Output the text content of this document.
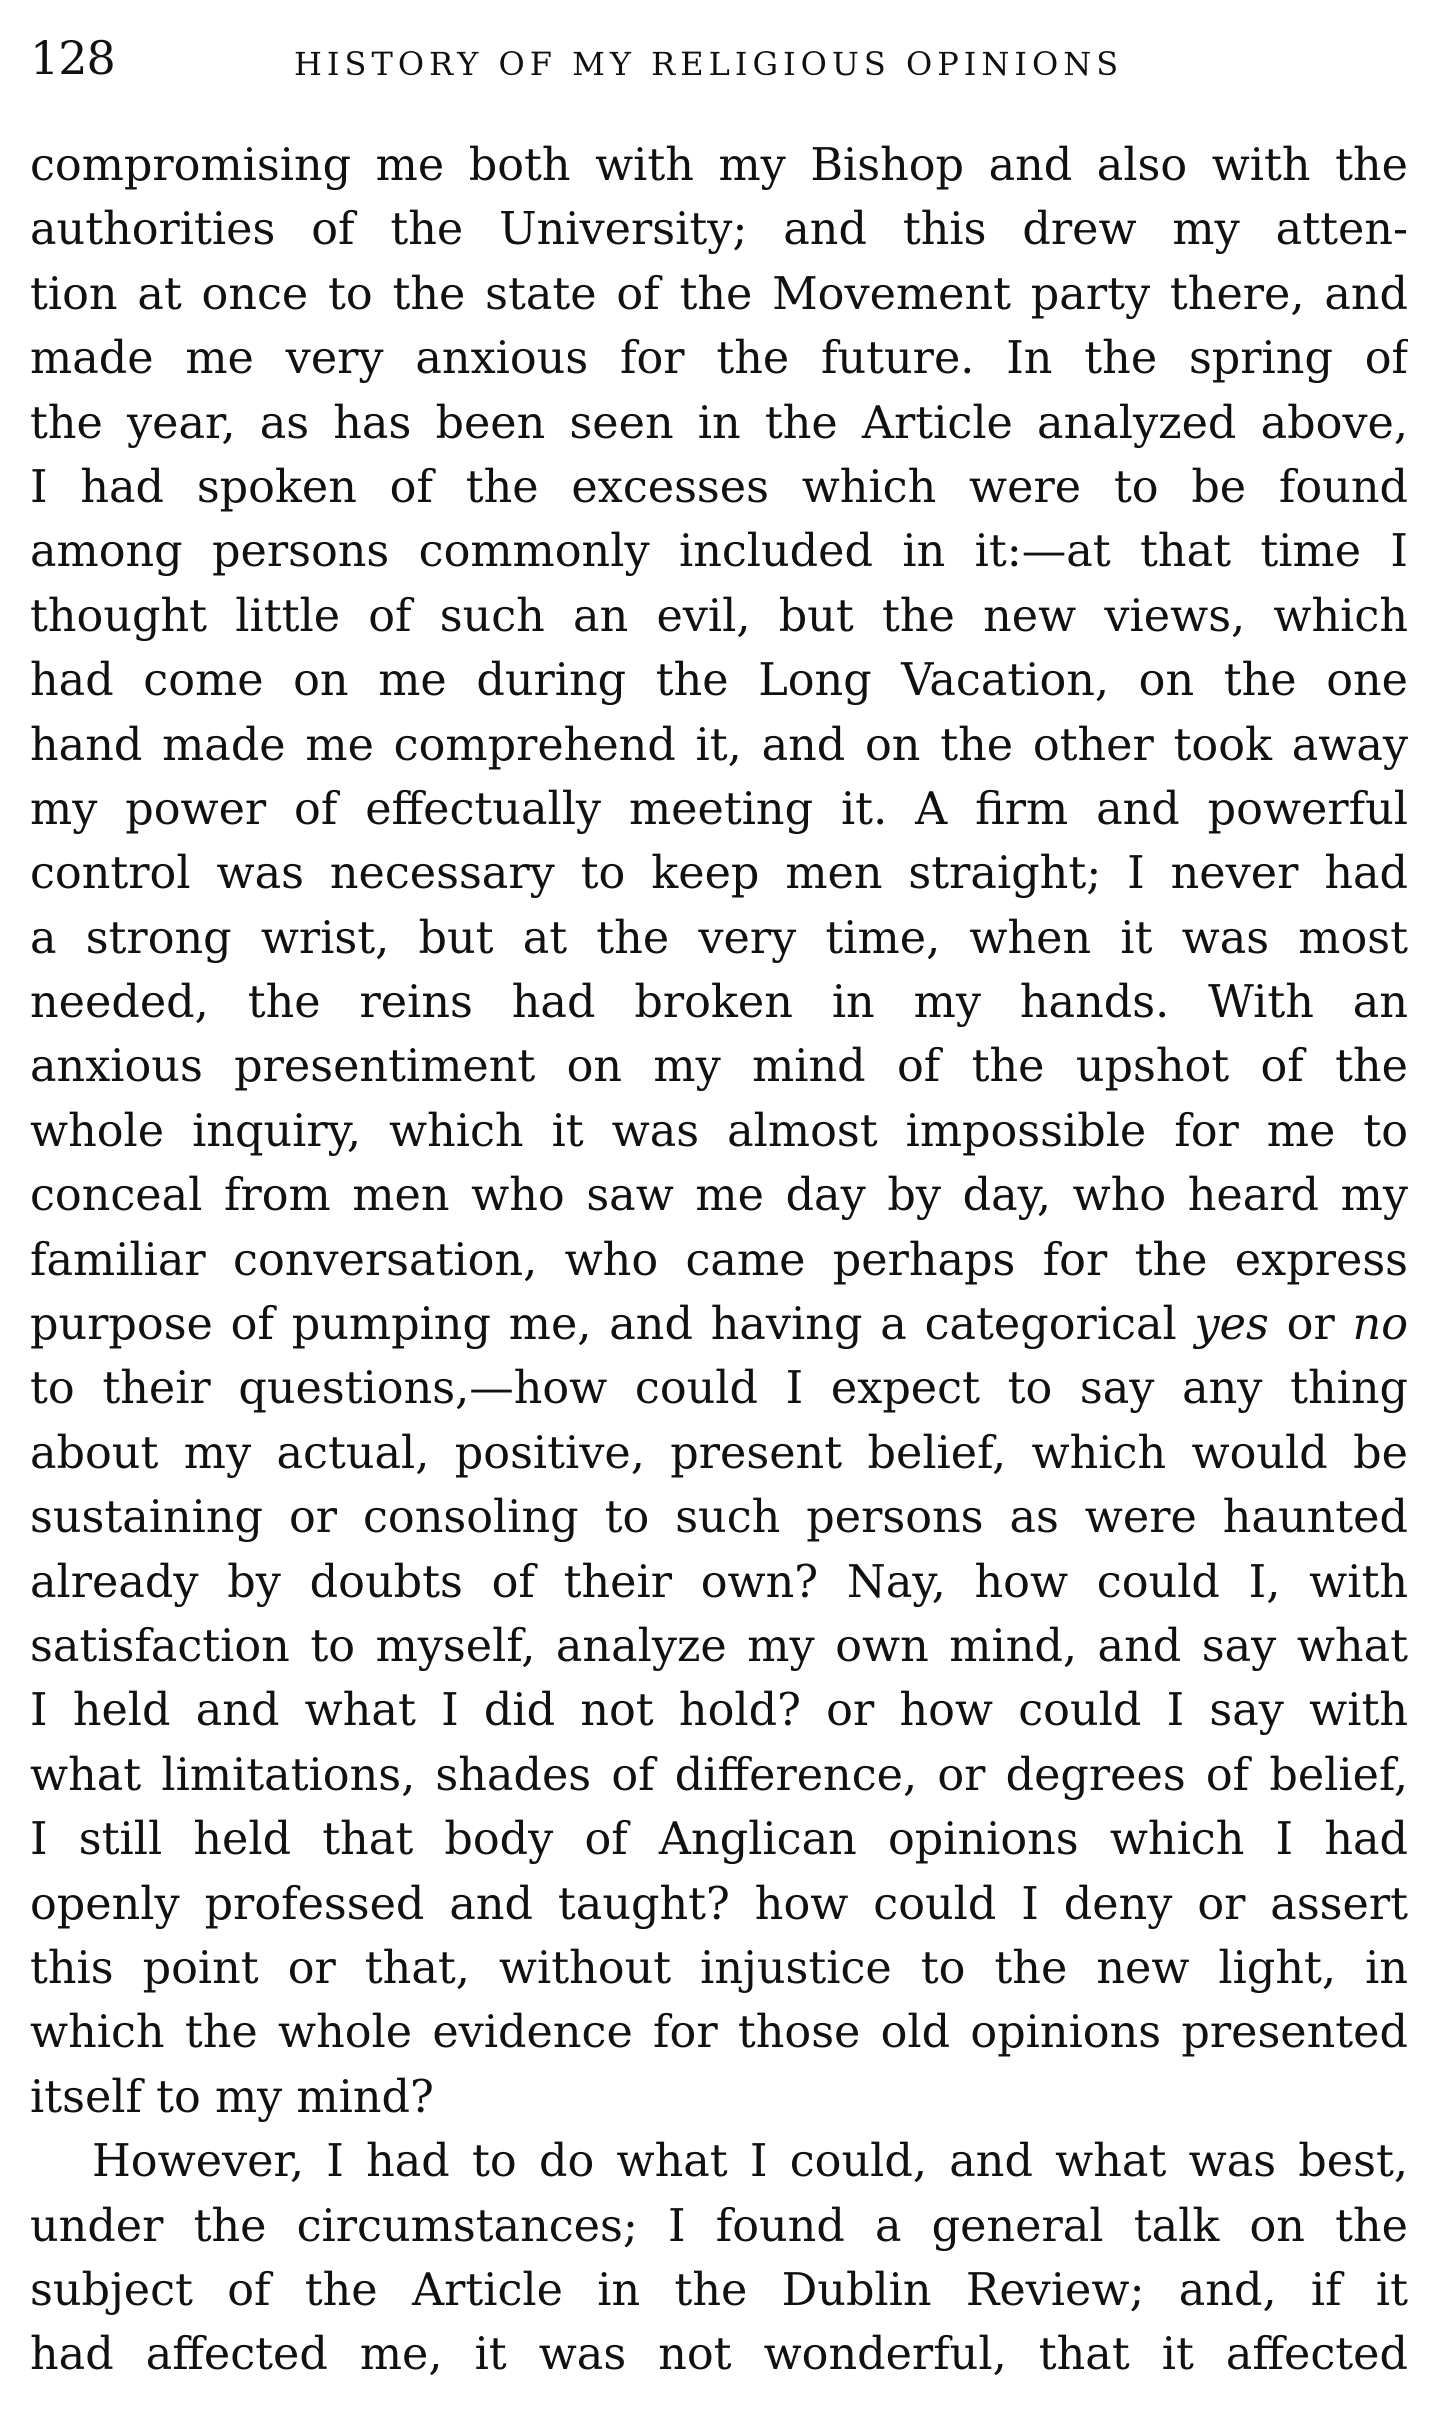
128	HISTORY OF MY RELIGIOUS OPINIONS
compromising me both with my Bishop and also with the
authorities of the University; and this drew my atten-
tion at once to the state of the Movement party there, and
made me very anxious for the future. In the spring of
the year, as has been seen in the Article analyzed above,
I had spoken of the excesses which were to be found
among persons commonly included in it:—at that time I
thought little of such an evil, but the new views, which
had come on me during the Long Vacation, on the one
hand made me comprehend it, and on the other took away
my power of effectually meeting it. A firm and powerful
control was necessary to keep men straight; I never had
a strong wrist, but at the very time, when it was most
needed, the reins had broken in my hands. With an
anxious presentiment on my mind of the upshot of the
whole inquiry, which it was almost impossible for me to
conceal from men who saw me day by day, who heard my
familiar conversation, who came perhaps for the express
purpose of pumping me, and having a categorical yes or no
to their questions,—how could I expect to say any thing
about my actual, positive, present belief, which would be
sustaining or consoling to such persons as were haunted
already by doubts of their own? Nay, how could I, with
satisfaction to myself, analyze my own mind, and say what
I held and what I did not hold? or how could I say with
what limitations, shades of difference, or degrees of belief,
I still held that body of Anglican opinions which I had
openly professed and taught? how could I deny or assert
this point or that, without injustice to the new light, in
which the whole evidence for those old opinions presented
itself to my mind?
However, I had to do what I could, and what was best,
under the circumstances; I found a general talk on the
subject of the Article in the Dublin Review; and, if it
had affected me, it was not wonderful, that it affected
